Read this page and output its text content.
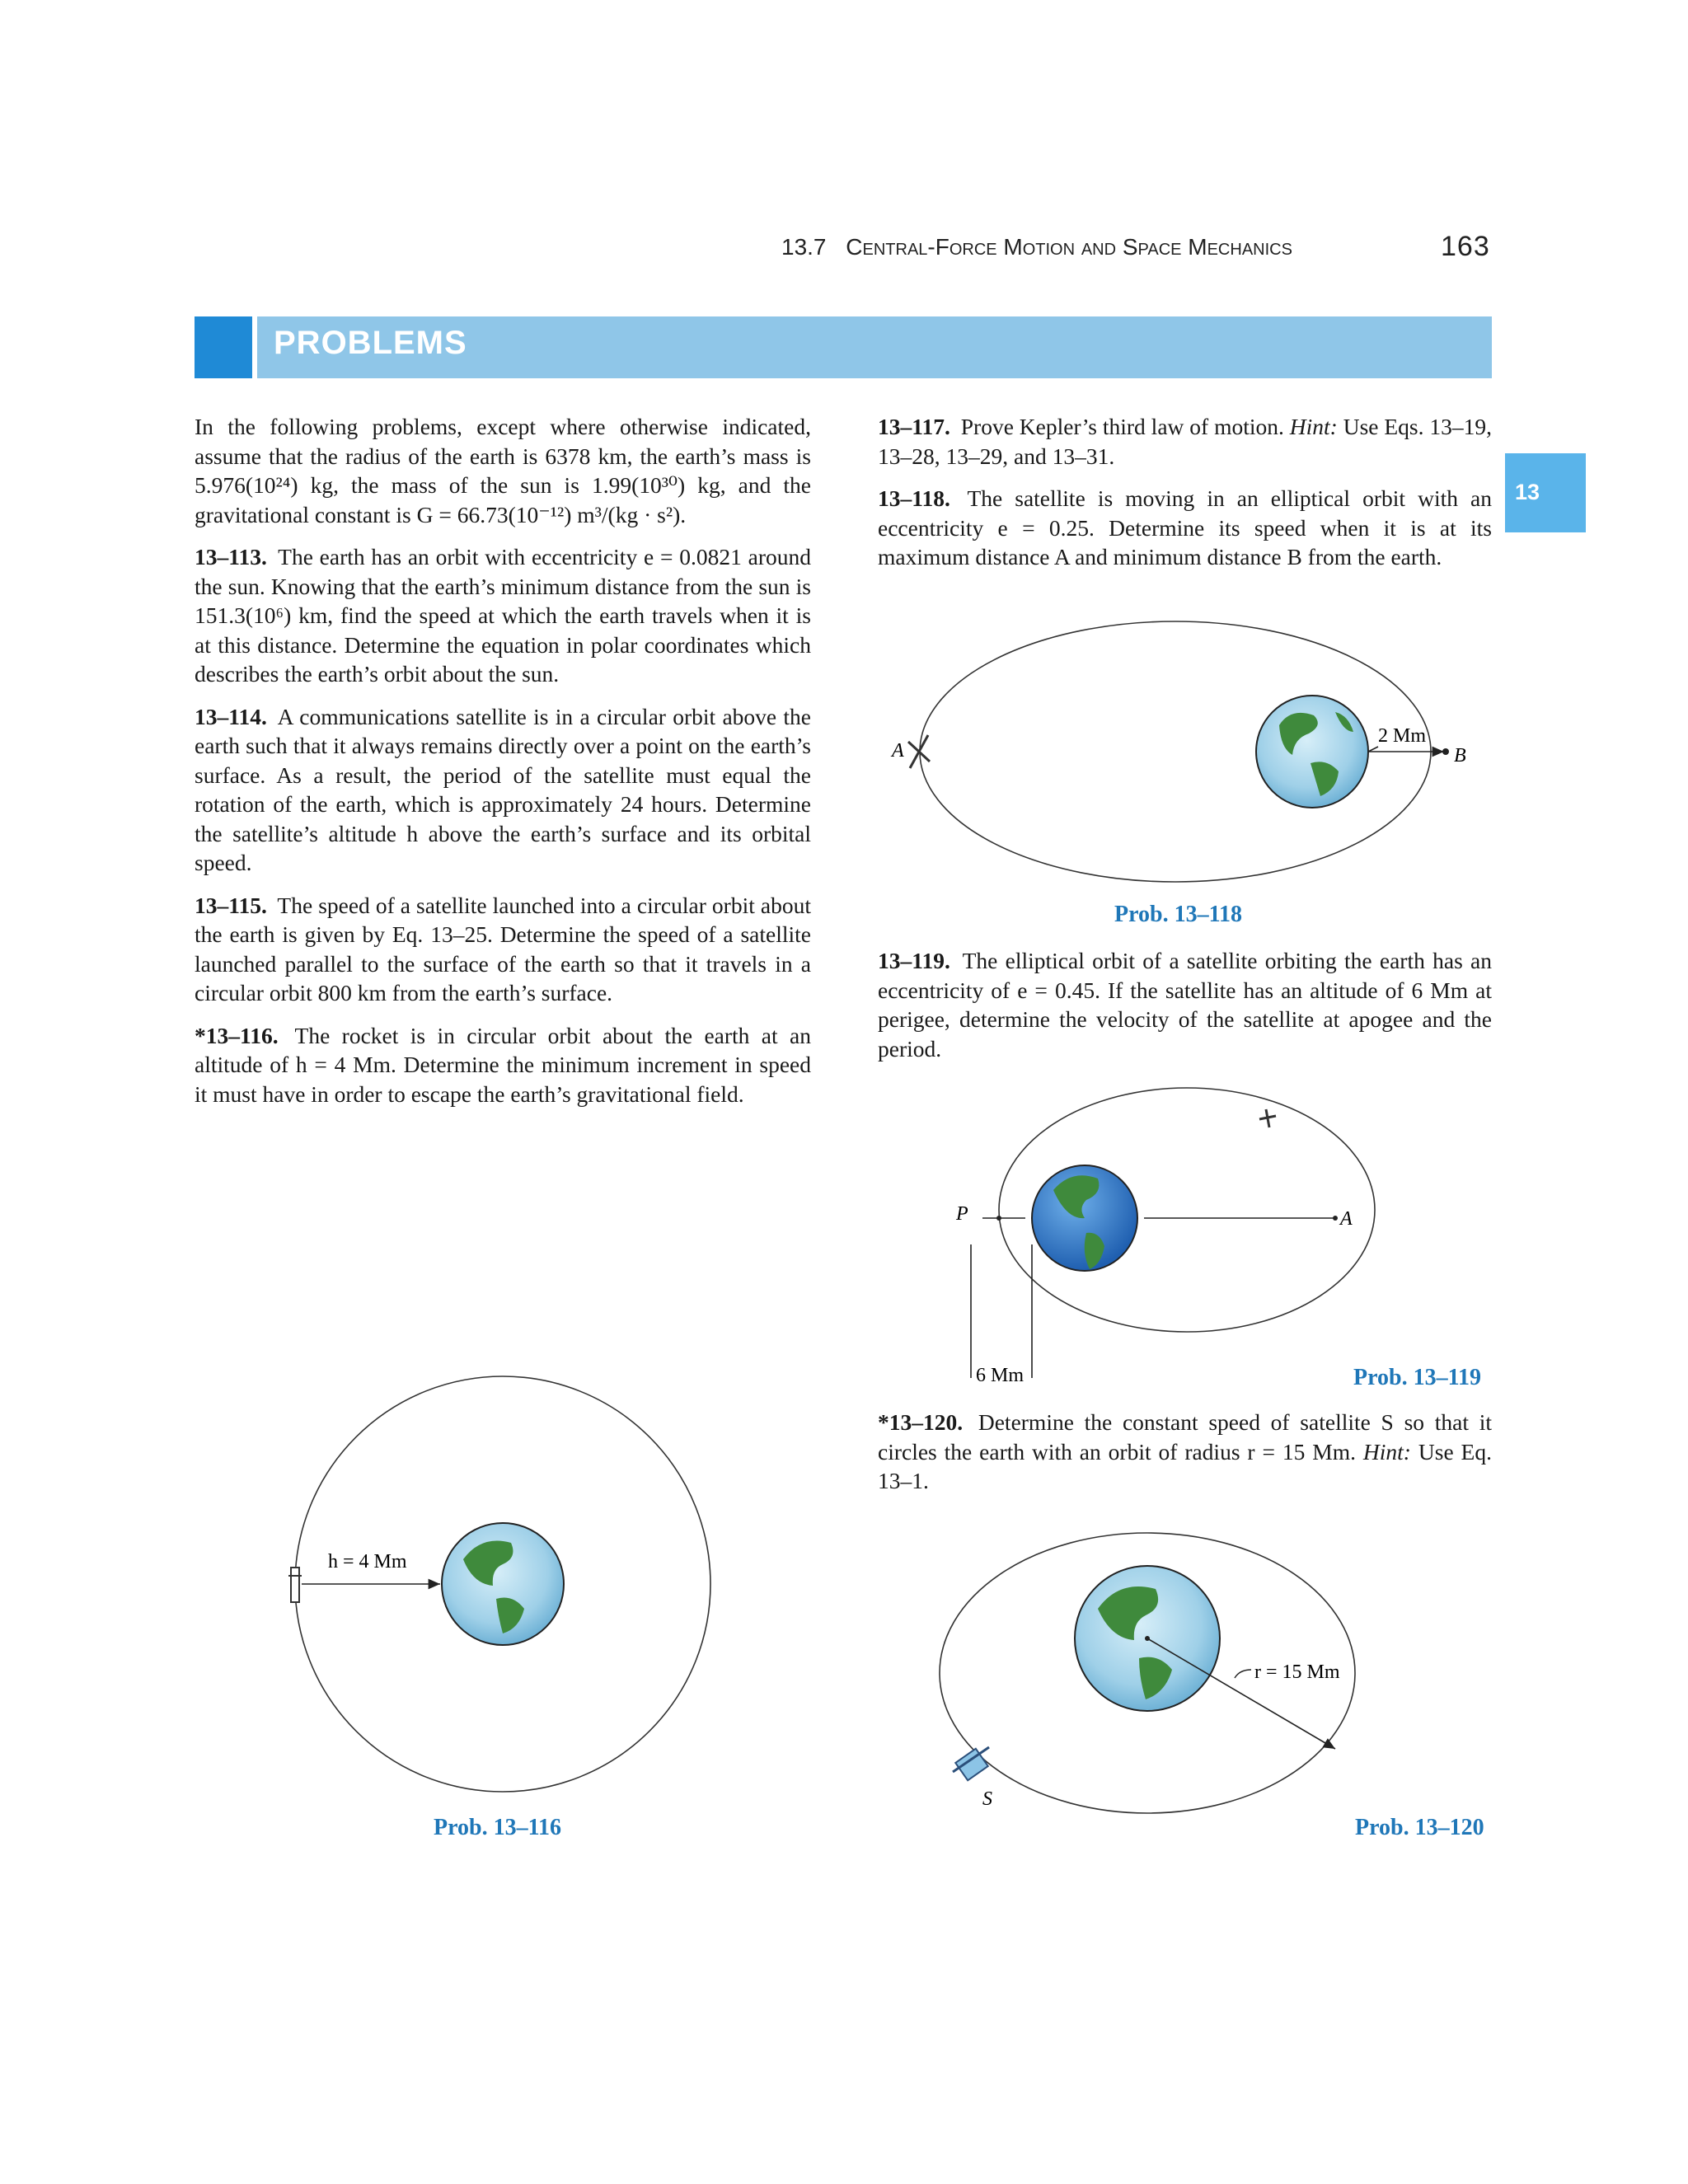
13.7 Central-Force Motion and Space Mechanics	163
PROBLEMS
13

In the following problems, except where otherwise indicated, assume that the radius of the earth is 6378 km, the earth’s mass is 5.976(10²⁴) kg, the mass of the sun is 1.99(10³⁰) kg, and the gravitational constant is G = 66.73(10⁻¹²) m³/(kg · s²).

13–113. The earth has an orbit with eccentricity e = 0.0821 around the sun. Knowing that the earth’s minimum distance from the sun is 151.3(10⁶) km, find the speed at which the earth travels when it is at this distance. Determine the equation in polar coordinates which describes the earth’s orbit about the sun.

13–114. A communications satellite is in a circular orbit above the earth such that it always remains directly over a point on the earth’s surface. As a result, the period of the satellite must equal the rotation of the earth, which is approximately 24 hours. Determine the satellite’s altitude h above the earth’s surface and its orbital speed.

13–115. The speed of a satellite launched into a circular orbit about the earth is given by Eq. 13–25. Determine the speed of a satellite launched parallel to the surface of the earth so that it travels in a circular orbit 800 km from the earth’s surface.

*13–116. The rocket is in circular orbit about the earth at an altitude of h = 4 Mm. Determine the minimum increment in speed it must have in order to escape the earth’s gravitational field.

13–117. Prove Kepler’s third law of motion. Hint: Use Eqs. 13–19, 13–28, 13–29, and 13–31.

13–118. The satellite is moving in an elliptical orbit with an eccentricity e = 0.25. Determine its speed when it is at its maximum distance A and minimum distance B from the earth.

13–119. The elliptical orbit of a satellite orbiting the earth has an eccentricity of e = 0.45. If the satellite has an altitude of 6 Mm at perigee, determine the velocity of the satellite at apogee and the period.

*13–120. Determine the constant speed of satellite S so that it circles the earth with an orbit of radius r = 15 Mm. Hint: Use Eq. 13–1.

2 Mm
B
A
Prob. 13–118
P	A
6 Mm	Prob. 13–119
h = 4 Mm
Prob. 13–116
r = 15 Mm
S
Prob. 13–120
